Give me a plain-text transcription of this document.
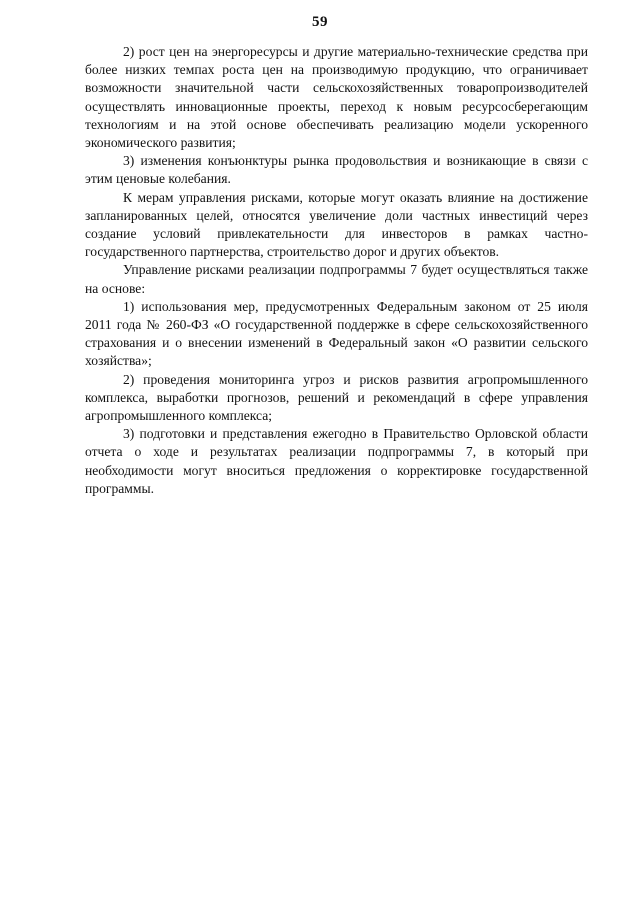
59

2) рост цен на энергоресурсы и другие материально-технические средства при более низких темпах роста цен на производимую продукцию, что ограничивает возможности значительной части сельскохозяйственных товаропроизводителей осуществлять инновационные проекты, переход к новым ресурсосберегающим технологиям и на этой основе обеспечивать реализацию модели ускоренного экономического развития;

3) изменения конъюнктуры рынка продовольствия и возникающие в связи с этим ценовые колебания.

К мерам управления рисками, которые могут оказать влияние на достижение запланированных целей, относятся увеличение доли частных инвестиций через создание условий привлекательности для инвесторов в рамках частно-государственного партнерства, строительство дорог и других объектов.

Управление рисками реализации подпрограммы 7 будет осуществляться также на основе:

1) использования мер, предусмотренных Федеральным законом от 25 июля 2011 года № 260-ФЗ «О государственной поддержке в сфере сельскохозяйственного страхования и о внесении изменений в Федеральный закон «О развитии сельского хозяйства»;

2) проведения мониторинга угроз и рисков развития агропромышленного комплекса, выработки прогнозов, решений и рекомендаций в сфере управления агропромышленного комплекса;

3) подготовки и представления ежегодно в Правительство Орловской области отчета о ходе и результатах реализации подпрограммы 7, в который при необходимости могут вноситься предложения о корректировке государственной программы.
